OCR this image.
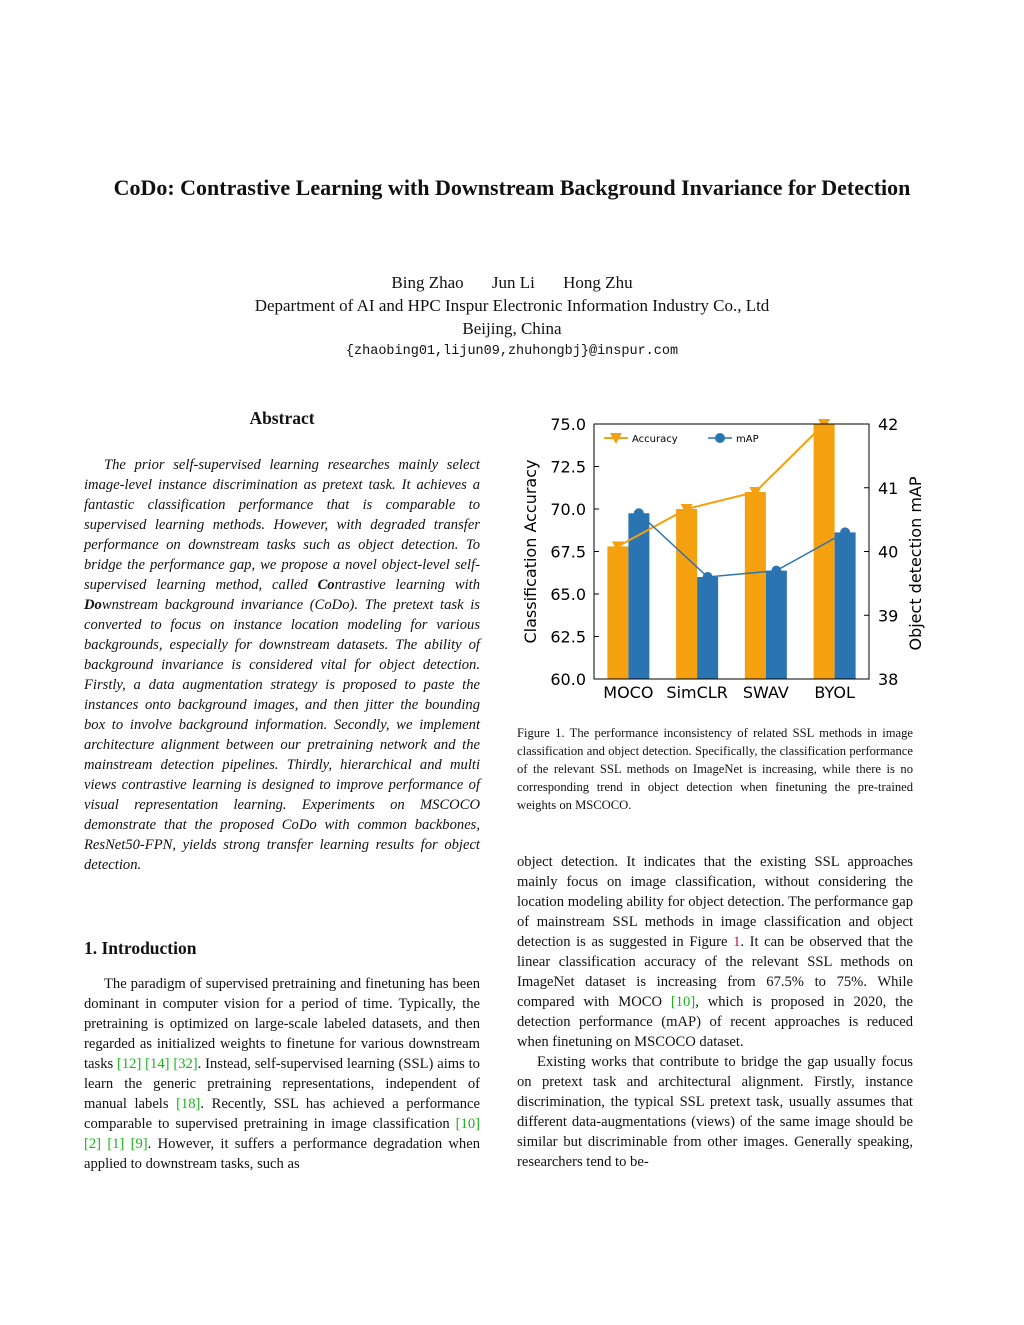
CoDo: Contrastive Learning with Downstream Background Invariance for Detection
Bing Zhao Jun Li Hong Zhu
Department of AI and HPC Inspur Electronic Information Industry Co., Ltd
Beijing, China
{zhaobing01,lijun09,zhuhongbj}@inspur.com
Abstract

The prior self-supervised learning researches mainly select image-level instance discrimination as pretext task. It achieves a fantastic classification performance that is comparable to supervised learning methods. However, with degraded transfer performance on downstream tasks such as object detection. To bridge the performance gap, we propose a novel object-level self-supervised learning method, called Contrastive learning with Downstream background invariance (CoDo). The pretext task is converted to focus on instance location modeling for various backgrounds, especially for downstream datasets. The ability of background invariance is considered vital for object detection. Firstly, a data augmentation strategy is proposed to paste the instances onto background images, and then jitter the bounding box to involve background information. Secondly, we implement architecture alignment between our pretraining network and the mainstream detection pipelines. Thirdly, hierarchical and multi views contrastive learning is designed to improve performance of visual representation learning. Experiments on MSCOCO demonstrate that the proposed CoDo with common backbones, ResNet50-FPN, yields strong transfer learning results for object detection.

1. Introduction

The paradigm of supervised pretraining and finetuning has been dominant in computer vision for a period of time. Typically, the pretraining is optimized on large-scale labeled datasets, and then regarded as initialized weights to finetune for various downstream tasks [12] [14] [32]. Instead, self-supervised learning (SSL) aims to learn the generic pretraining representations, independent of manual labels [18]. Recently, SSL has achieved a performance comparable to supervised pretraining in image classification [10] [2] [1] [9]. However, it suffers a performance degradation when applied to downstream tasks, such as

60.0
62.5
65.0
67.5
70.0
72.5
75.0
38
39
40
41
42
MOCO SimCLR SWAV BYOL
Classification Accuracy	Object detection mAP
Accuracy	mAP
Figure 1. The performance inconsistency of related SSL methods in image classification and object detection. Specifically, the classification performance of the relevant SSL methods on ImageNet is increasing, while there is no corresponding trend in object detection when finetuning the pre-trained weights on MSCOCO.

object detection. It indicates that the existing SSL approaches mainly focus on image classification, without considering the location modeling ability for object detection. The performance gap of mainstream SSL methods in image classification and object detection is as suggested in Figure 1. It can be observed that the linear classification accuracy of the relevant SSL methods on ImageNet dataset is increasing from 67.5% to 75%. While compared with MOCO [10], which is proposed in 2020, the detection performance (mAP) of recent approaches is reduced when finetuning on MSCOCO dataset.

Existing works that contribute to bridge the gap usually focus on pretext task and architectural alignment. Firstly, instance discrimination, the typical SSL pretext task, usually assumes that different data-augmentations (views) of the same image should be similar but discriminable from other images. Generally speaking, researchers tend to be-
